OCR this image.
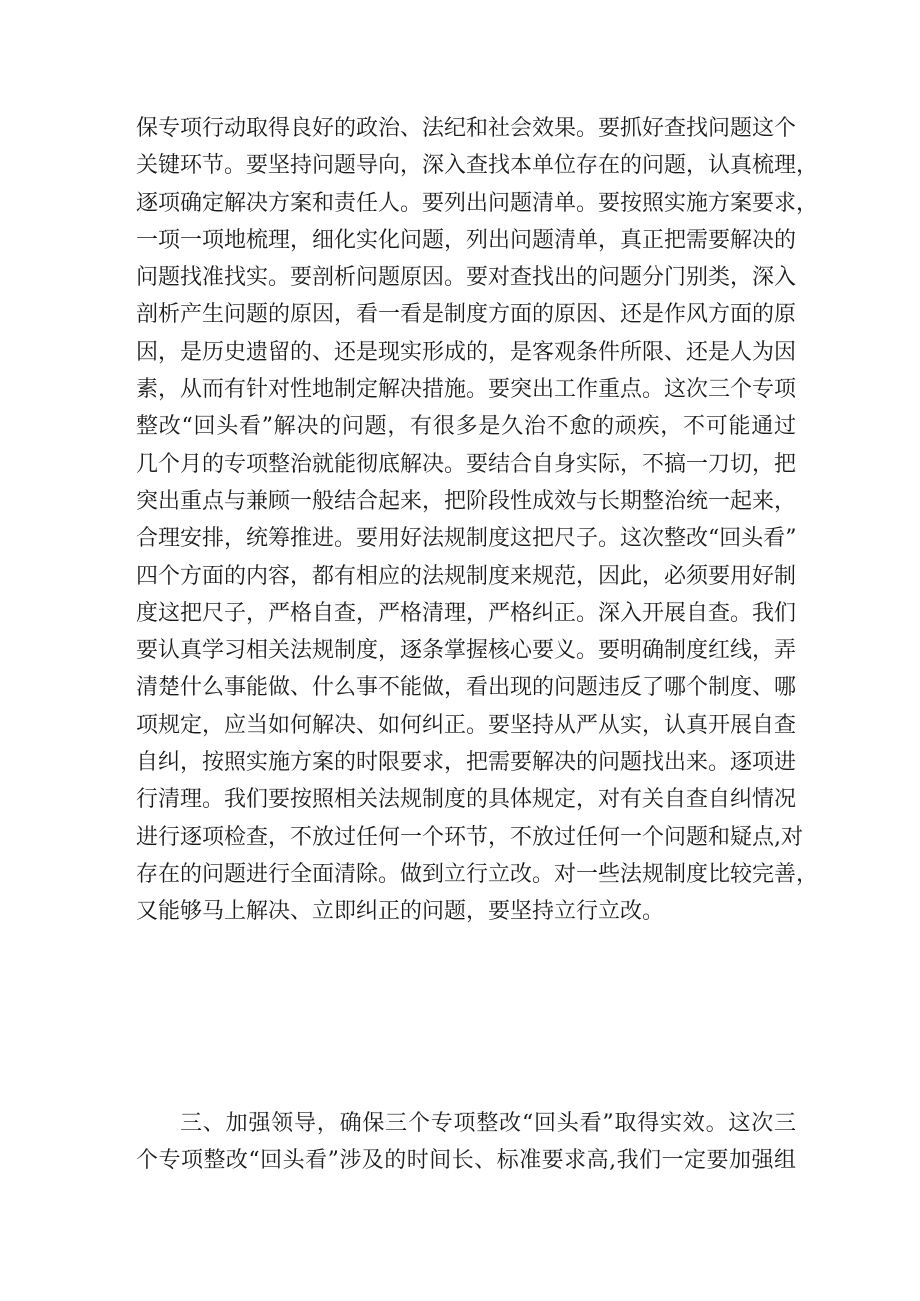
保专项行动取得良好的政治、法纪和社会效果。要抓好查找问题这个
关键环节。要坚持问题导向，深入查找本单位存在的问题，认真梳理，
逐项确定解决方案和责任人。要列出问题清单。要按照实施方案要求，
一项一项地梳理，细化实化问题，列出问题清单，真正把需要解决的
问题找准找实。要剖析问题原因。要对查找出的问题分门别类，深入
剖析产生问题的原因，看一看是制度方面的原因、还是作风方面的原
因，是历史遗留的、还是现实形成的，是客观条件所限、还是人为因
素，从而有针对性地制定解决措施。要突出工作重点。这次三个专项
整改“回头看”解决的问题，有很多是久治不愈的顽疾，不可能通过
几个月的专项整治就能彻底解决。要结合自身实际，不搞一刀切，把
突出重点与兼顾一般结合起来，把阶段性成效与长期整治统一起来，
合理安排，统筹推进。要用好法规制度这把尺子。这次整改“回头看”
四个方面的内容，都有相应的法规制度来规范，因此，必须要用好制
度这把尺子，严格自查，严格清理，严格纠正。深入开展自查。我们
要认真学习相关法规制度，逐条掌握核心要义。要明确制度红线，弄
清楚什么事能做、什么事不能做，看出现的问题违反了哪个制度、哪
项规定，应当如何解决、如何纠正。要坚持从严从实，认真开展自查
自纠，按照实施方案的时限要求，把需要解决的问题找出来。逐项进
行清理。我们要按照相关法规制度的具体规定，对有关自查自纠情况
进行逐项检查，不放过任何一个环节，不放过任何一个问题和疑点,对
存在的问题进行全面清除。做到立行立改。对一些法规制度比较完善，
又能够马上解决、立即纠正的问题，要坚持立行立改。
三、加强领导，确保三个专项整改“回头看”取得实效。这次三
个专项整改“回头看”涉及的时间长、标准要求高,我们一定要加强组
